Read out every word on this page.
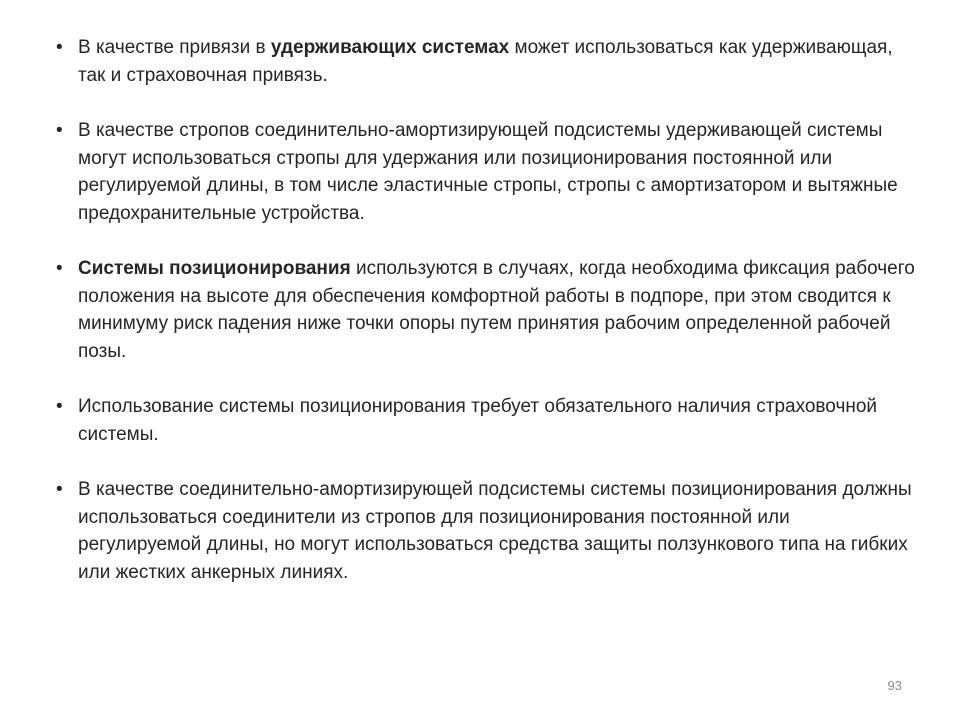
• В качестве привязи в удерживающих системах может использоваться как удерживающая, так и страховочная привязь.
• В качестве стропов соединительно-амортизирующей подсистемы удерживающей системы могут использоваться стропы для удержания или позиционирования постоянной или регулируемой длины, в том числе эластичные стропы, стропы с амортизатором и вытяжные предохранительные устройства.
• Системы позиционирования используются в случаях, когда необходима фиксация рабочего положения на высоте для обеспечения комфортной работы в подпоре, при этом сводится к минимуму риск падения ниже точки опоры путем принятия рабочим определенной рабочей позы.
• Использование системы позиционирования требует обязательного наличия страховочной системы.
• В качестве соединительно-амортизирующей подсистемы системы позиционирования должны использоваться соединители из стропов для позиционирования постоянной или регулируемой длины, но могут использоваться средства защиты ползункового типа на гибких или жестких анкерных линиях.
93
